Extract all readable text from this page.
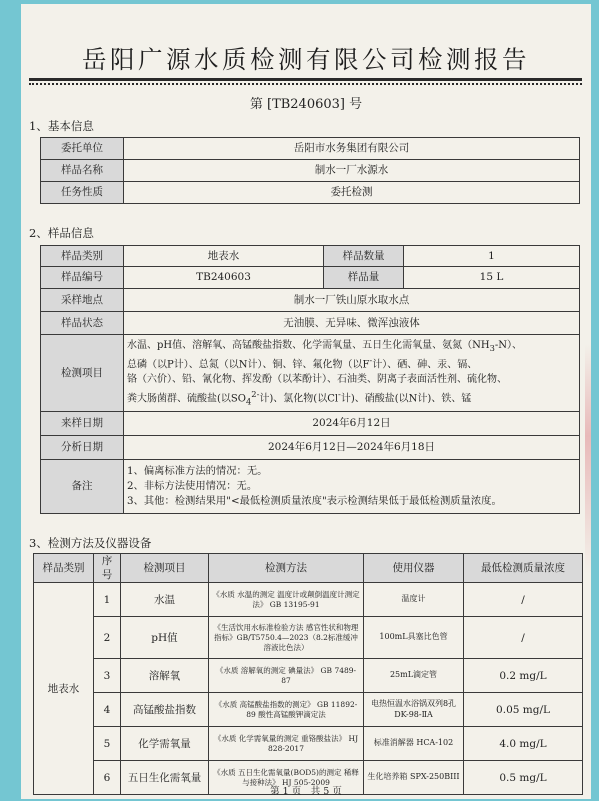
岳阳广源水质检测有限公司检测报告
第 [TB240603] 号
1、基本信息
委托单位	岳阳市水务集团有限公司
样品名称	制水一厂水源水
任务性质	委托检测
2、样品信息
样品类别	地表水	样品数量	1
样品编号	TB240603	样品量	15 L
采样地点	制水一厂铁山原水取水点		
样品状态	无油膜、无异味、微浑浊液体		
检测项目	水温、pH值、溶解氧、高锰酸盐指数、化学需氧量、五日生化需氧量、氨氮$(NH_3-N)$、
总磷（以P计）、总氮（以N计）、铜、锌、氟化物（以F-计）、硒、砷、汞、镉、
铬（六价）、铅、氰化物、挥发酚（以苯酚计）、石油类、阴离子表面活性剂、硫化物、
粪大肠菌群、硫酸盐(以$SO_4^{2-}$计)、氯化物(以Cl-计)、硝酸盐(以N计)、铁、锰		

来样日期	2024年6月12日		
分析日期	2024年6月12日—2024年6月18日		
备注	1、偏离标准方法的情况：无。
2、非标方法使用情况：无。
3、其他：检测结果用"<最低检测质量浓度"表示检测结果低于最低检测质量浓度。		
3、检测方法及仪器设备
样品类别	序号	检测项目	检测方法	使用仪器	最低检测质量浓度
地表水	1	水温	《水质 水温的测定 温度计或颠倒温度计测定法》 GB 13195-91	温度计	/
	2	pH值	《生活饮用水标准检验方法 感官性状和物理指标》GB/T5750.4—2023（8.2标准缓冲溶液比色法）	100mL具塞比色管	/
	3	溶解氧	《水质 溶解氧的测定 碘量法》 GB 7489-87	25mL滴定管	0.2 mg/L
	4	高锰酸盐指数	《水质 高锰酸盐指数的测定》 GB 11892-89 酸性高锰酸钾滴定法	电热恒温水浴锅双列8孔 DK-98-ⅡA	0.05 mg/L
	5	化学需氧量	《水质 化学需氧量的测定 重铬酸盐法》 HJ 828-2017	标准消解器 HCA-102	4.0 mg/L
	6	五日生化需氧量	《水质 五日生化需氧量(BOD5)的测定 稀释与接种法》 HJ 505-2009	生化培养箱 SPX-250BIII	0.5 mg/L
第 1 页　共 5 页
